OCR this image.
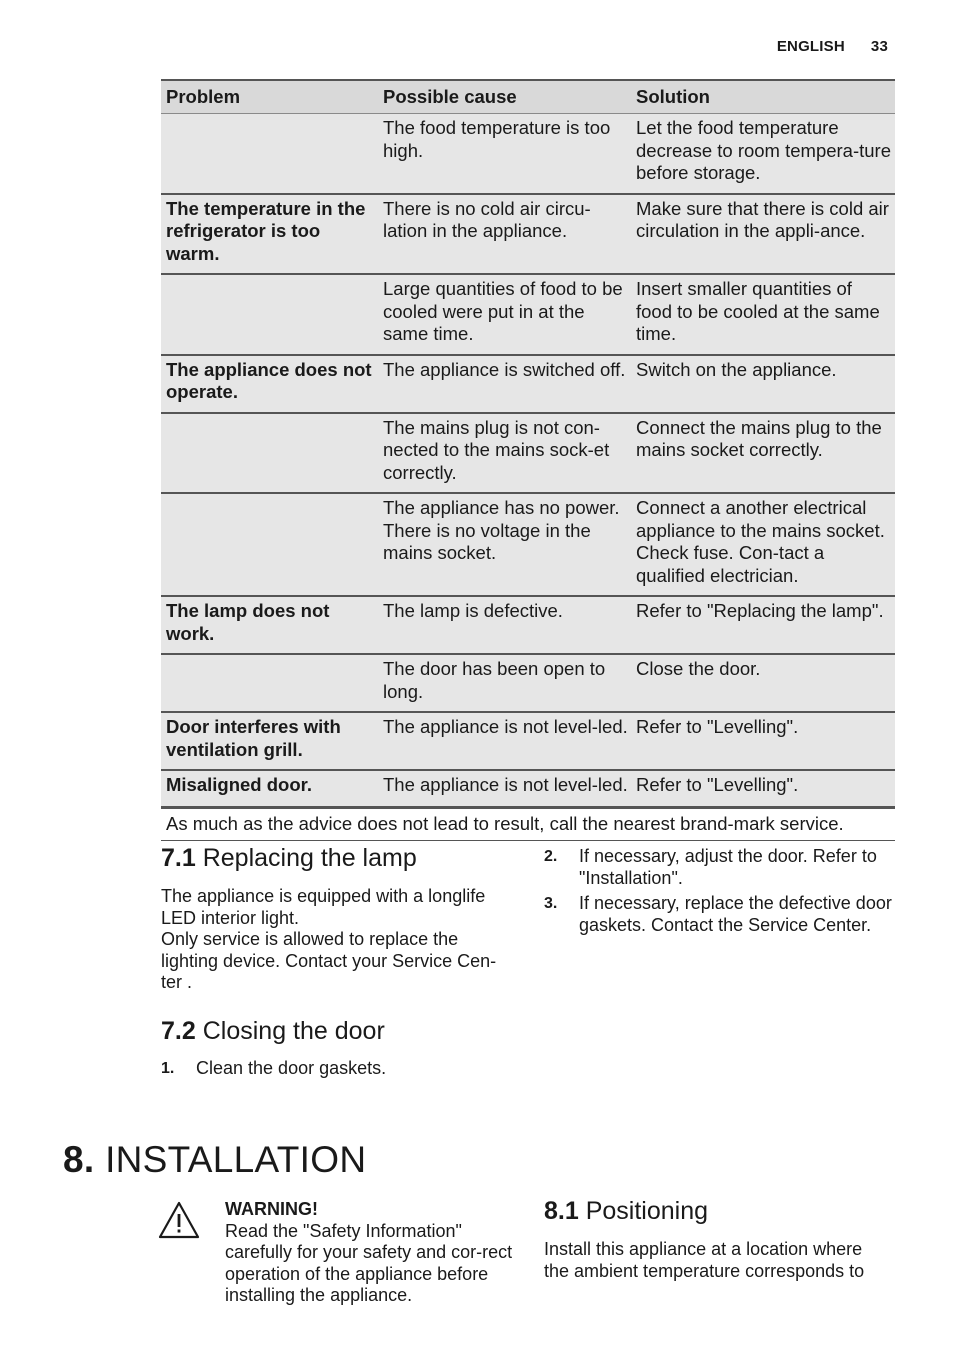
ENGLISH 33
Problem	Possible cause	Solution
	The food temperature is too high.	Let the food temperature decrease to room tempera-ture before storage.
The temperature in the refrigerator is too warm.	There is no cold air circu-lation in the appliance.	Make sure that there is cold air circulation in the appli-ance.
	Large quantities of food to be cooled were put in at the same time.	Insert smaller quantities of food to be cooled at the same time.
The appliance does not operate.	The appliance is switched off.	Switch on the appliance.
	The mains plug is not con-nected to the mains sock-et correctly.	Connect the mains plug to the mains socket correctly.
	The appliance has no power. There is no voltage in the mains socket.	Connect a another electrical appliance to the mains socket. Check fuse. Con-tact a qualified electrician.
The lamp does not work.	The lamp is defective.	Refer to "Replacing the lamp".
	The door has been open to long.	Close the door.
Door interferes with ventilation grill.	The appliance is not level-led.	Refer to "Levelling".
Misaligned door.	The appliance is not level-led.	Refer to "Levelling".
As much as the advice does not lead to result, call the nearest brand-mark service.
7.1 Replacing the lamp
The appliance is equipped with a longlife LED interior light.
Only service is allowed to replace the lighting device. Contact your Service Cen-ter .
7.2 Closing the door
1. Clean the door gaskets.
2. If necessary, adjust the door. Refer to "Installation".
3. If necessary, replace the defective door gaskets. Contact the Service Center.
8. INSTALLATION
WARNING!
Read the "Safety Information" carefully for your safety and cor-rect operation of the appliance before installing the appliance.
8.1 Positioning
Install this appliance at a location where the ambient temperature corresponds to
